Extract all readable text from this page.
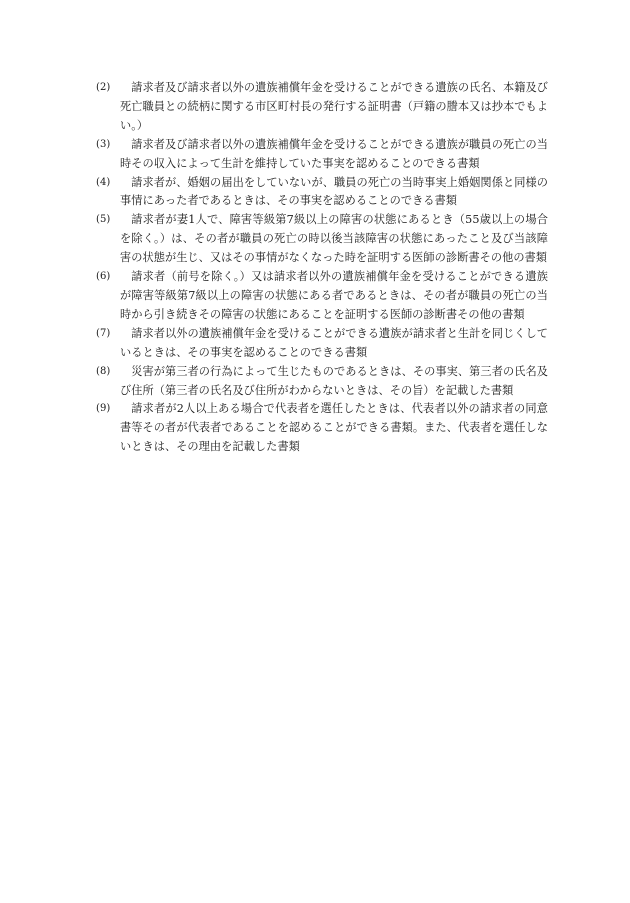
(2)	請求者及び請求者以外の遺族補償年金を受けることができる遺族の氏名、本籍及び死亡職員との続柄に関する市区町村長の発行する証明書（戸籍の謄本又は抄本でもよい。）
(3)	請求者及び請求者以外の遺族補償年金を受けることができる遺族が職員の死亡の当時その収入によって生計を維持していた事実を認めることのできる書類
(4)	請求者が、婚姻の届出をしていないが、職員の死亡の当時事実上婚姻関係と同様の事情にあった者であるときは、その事実を認めることのできる書類
(5)	請求者が妻1人で、障害等級第7級以上の障害の状態にあるとき（55歳以上の場合を除く。）は、その者が職員の死亡の時以後当該障害の状態にあったこと及び当該障害の状態が生じ、又はその事情がなくなった時を証明する医師の診断書その他の書類
(6)	請求者（前号を除く。）又は請求者以外の遺族補償年金を受けることができる遺族が障害等級第7級以上の障害の状態にある者であるときは、その者が職員の死亡の当時から引き続きその障害の状態にあることを証明する医師の診断書その他の書類
(7)	請求者以外の遺族補償年金を受けることができる遺族が請求者と生計を同じくしているときは、その事実を認めることのできる書類
(8)	災害が第三者の行為によって生じたものであるときは、その事実、第三者の氏名及び住所（第三者の氏名及び住所がわからないときは、その旨）を記載した書類
(9)	請求者が2人以上ある場合で代表者を選任したときは、代表者以外の請求者の同意書等その者が代表者であることを認めることができる書類。また、代表者を選任しないときは、その理由を記載した書類
